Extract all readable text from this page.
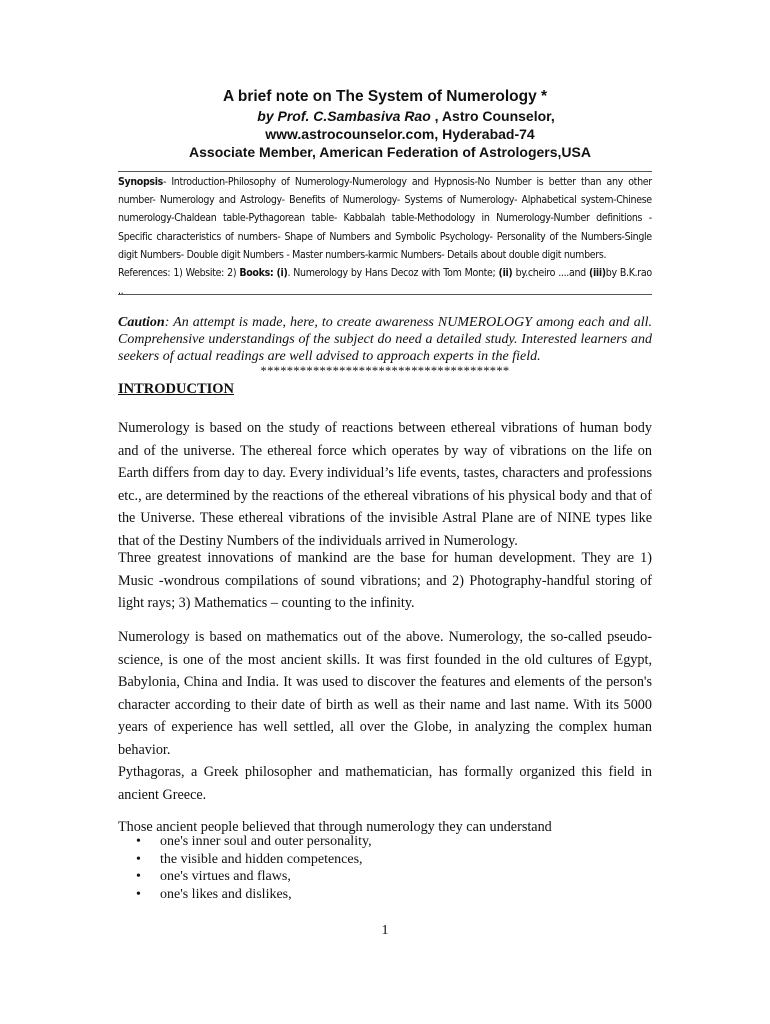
A brief note on The System of Numerology *
by Prof. C.Sambasiva Rao , Astro Counselor,
www.astrocounselor.com, Hyderabad-74
Associate Member, American Federation of Astrologers,USA
Synopsis- Introduction-Philosophy of Numerology-Numerology and Hypnosis-No Number is better than any other number- Numerology and Astrology- Benefits of Numerology- Systems of Numerology- Alphabetical system-Chinese numerology-Chaldean table-Pythagorean table- Kabbalah table-Methodology in Numerology-Number definitions - Specific characteristics of numbers- Shape of Numbers and Symbolic Psychology- Personality of the Numbers-Single digit Numbers- Double digit Numbers - Master numbers-karmic Numbers- Details about double digit numbers.
References: 1) Website: 2) Books: (i). Numerology by Hans Decoz with Tom Monte; (ii) by.cheiro ....and (iii)by B.K.rao ..
Caution: An attempt is made, here, to create awareness NUMEROLOGY among each and all. Comprehensive understandings of the subject do need a detailed study. Interested learners and seekers of actual readings are well advised to approach experts in the field.
**************************************
INTRODUCTION
Numerology is based on the study of reactions between ethereal vibrations of human body and of the universe. The ethereal force which operates by way of vibrations on the life on Earth differs from day to day. Every individual’s life events, tastes, characters and professions etc., are determined by the reactions of the ethereal vibrations of his physical body and that of the Universe. These ethereal vibrations of the invisible Astral Plane are of NINE types like that of the Destiny Numbers of the individuals arrived in Numerology.
Three greatest innovations of mankind are the base for human development. They are 1) Music -wondrous compilations of sound vibrations; and 2) Photography-handful storing of light rays; 3) Mathematics – counting to the infinity.
Numerology is based on mathematics out of the above. Numerology, the so-called pseudo-science, is one of the most ancient skills. It was first founded in the old cultures of Egypt, Babylonia, China and India. It was used to discover the features and elements of the person's character according to their date of birth as well as their name and last name. With its 5000 years of experience has well settled, all over the Globe, in analyzing the complex human behavior.
Pythagoras, a Greek philosopher and mathematician, has formally organized this field in ancient Greece.
Those ancient people believed that through numerology they can understand
• one's inner soul and outer personality,
• the visible and hidden competences,
• one's virtues and flaws,
• one's likes and dislikes,
1
